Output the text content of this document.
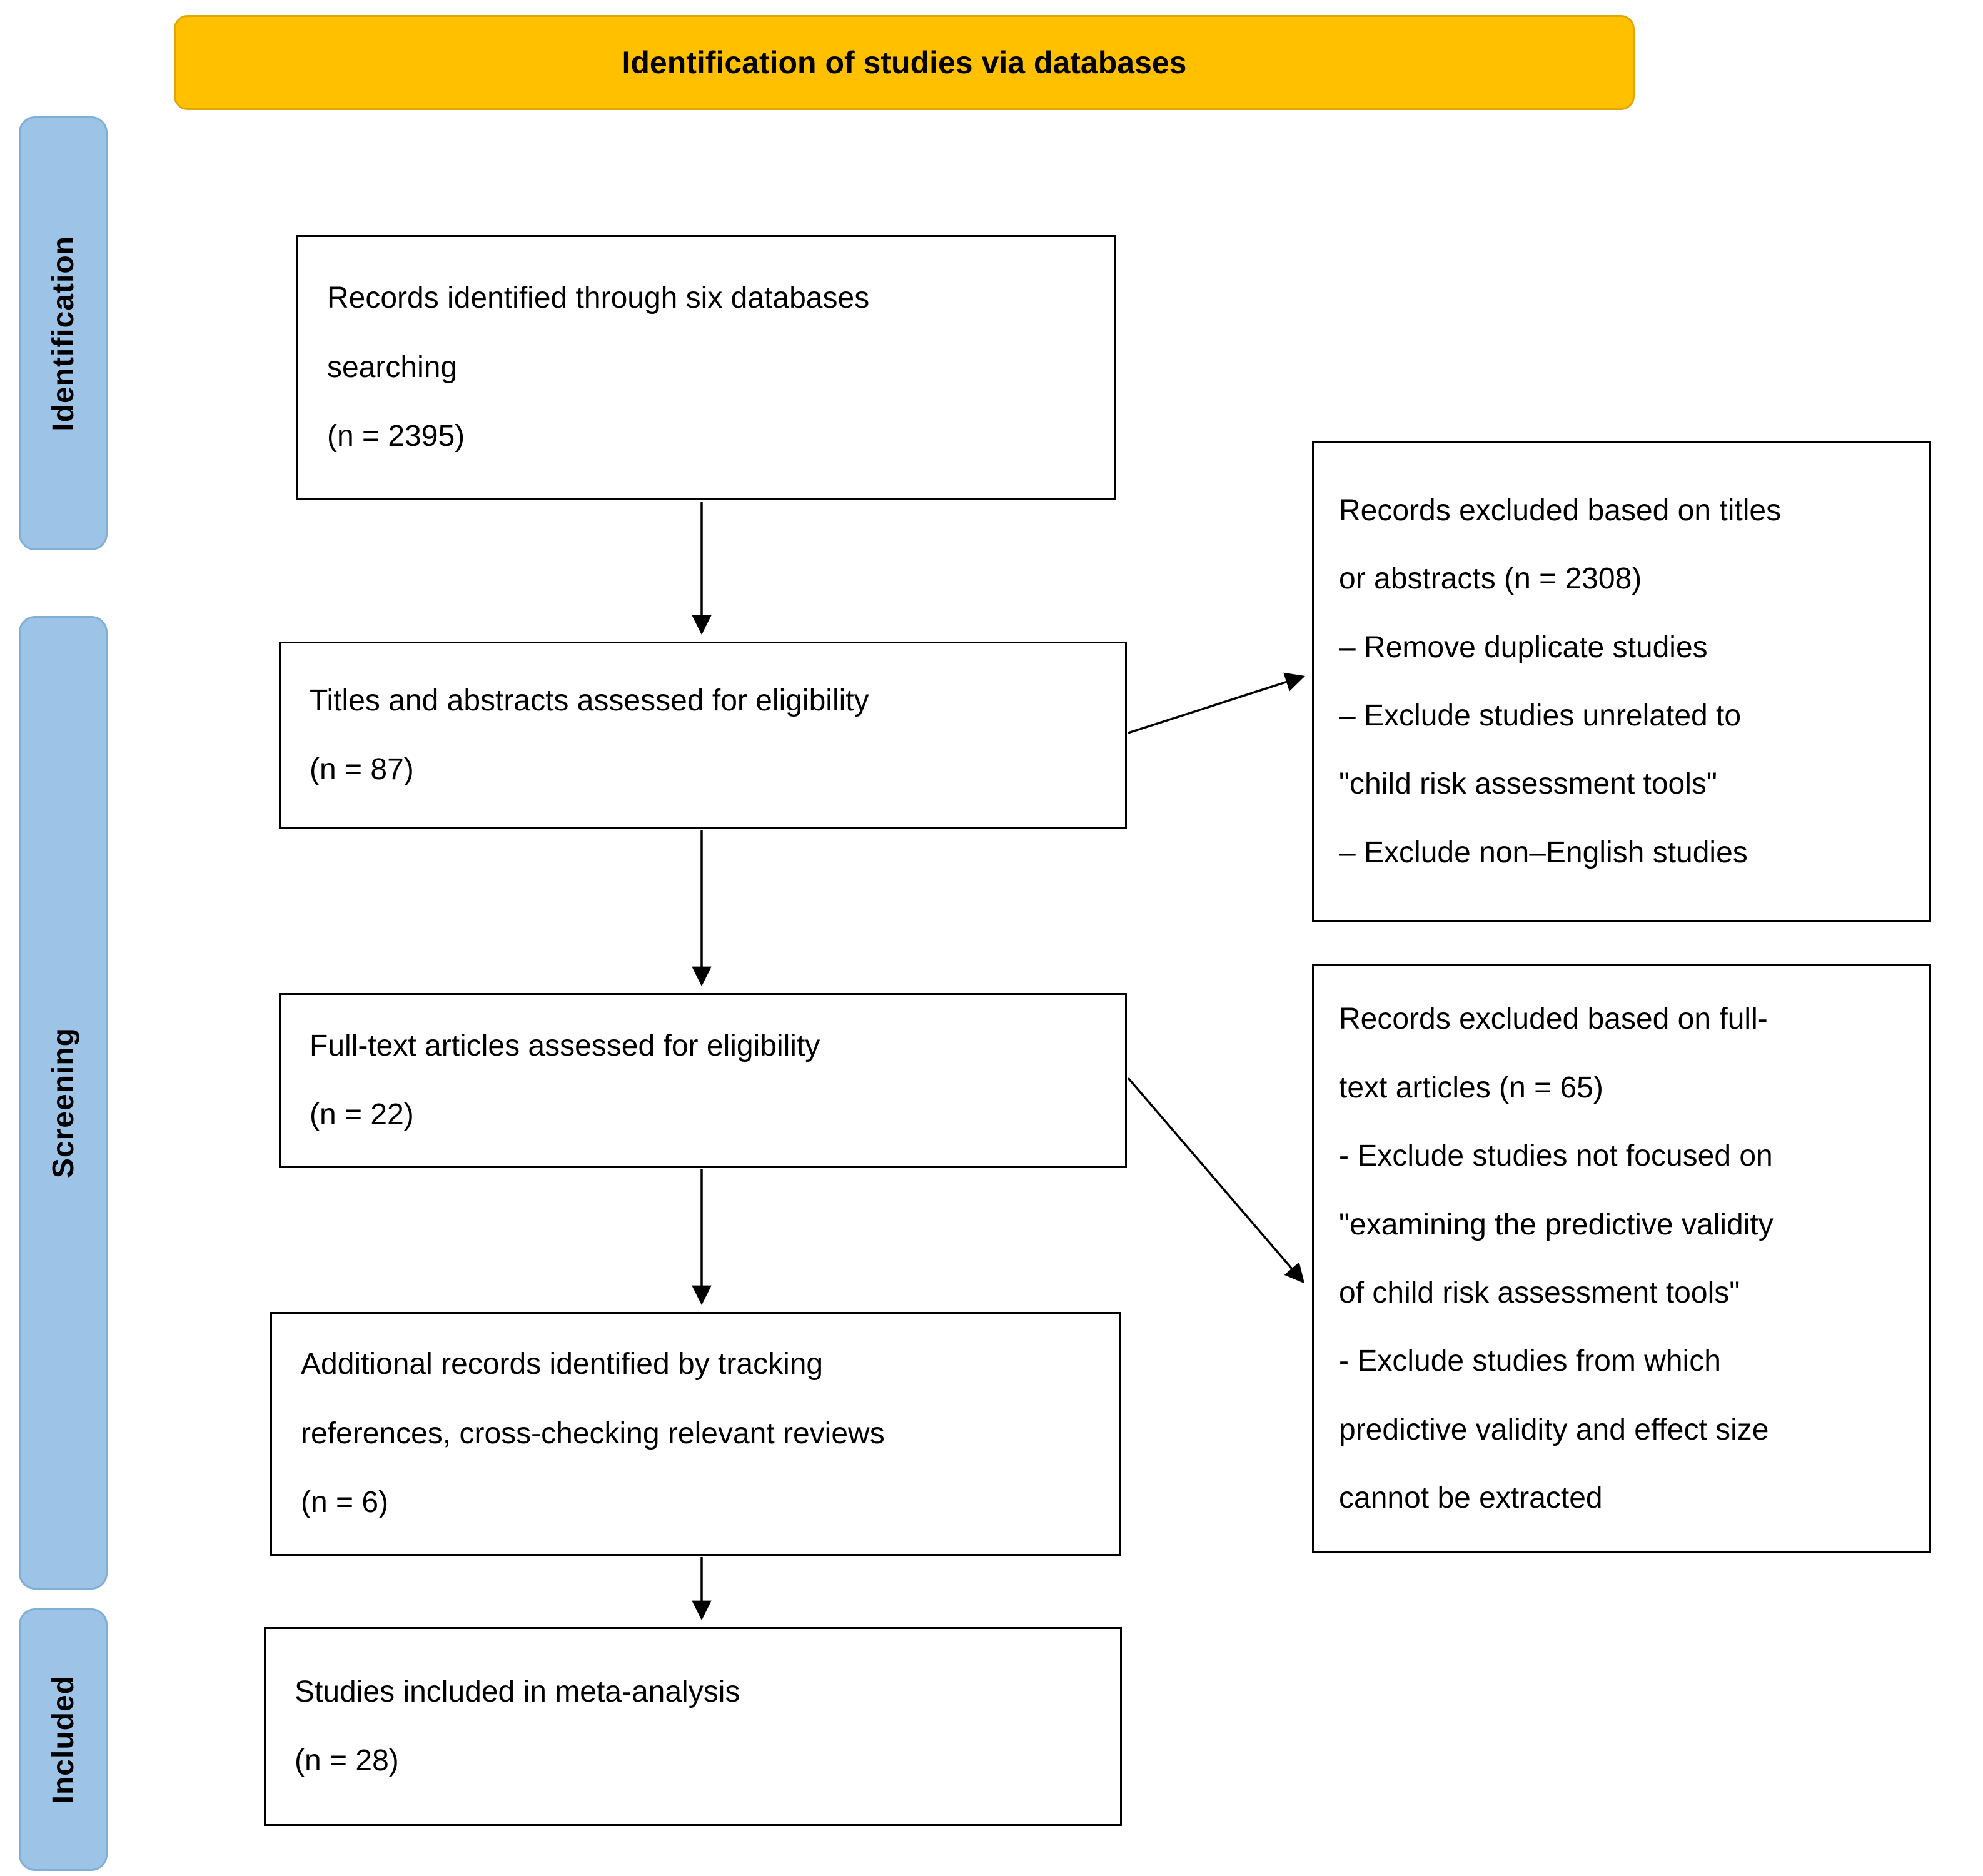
Identification of studies via databases
Identification
Screening
Included
Records identified through six databases
searching
(n = 2395)
Titles and abstracts assessed for eligibility
(n = 87)
Full-text articles assessed for eligibility
(n = 22)
Additional records identified by tracking
references, cross-checking relevant reviews
(n = 6)
Studies included in meta-analysis
(n = 28)
Records excluded based on titles
or abstracts (n = 2308)
– Remove duplicate studies
– Exclude studies unrelated to
"child risk assessment tools"
– Exclude non–English studies
Records excluded based on full-
text articles (n = 65)
- Exclude studies not focused on
"examining the predictive validity
of child risk assessment tools"
- Exclude studies from which
predictive validity and effect size
cannot be extracted
